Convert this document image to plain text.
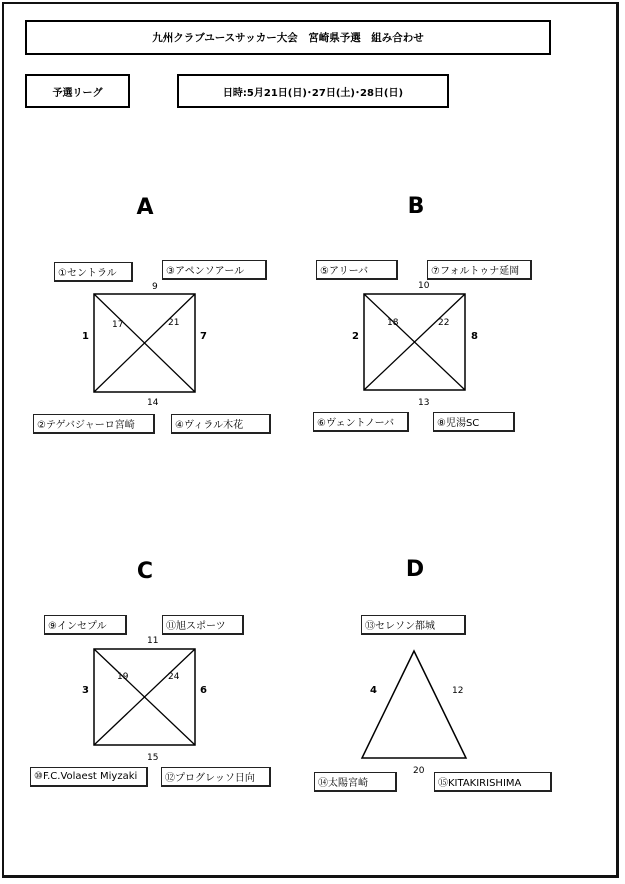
九州クラブユースサッカー大会　宮崎県予選　組み合わせ
予選リーグ	日時:5月21日(日)･27日(土)･28日(日)
A
①セントラル	③アペンソアール
②テゲバジャーロ宮崎	④ヴィラル木花
9
14
1	7
17	21
B
⑤アリーバ	⑦フォルトゥナ延岡
⑥ヴェントノーバ	⑧児湯SC
10
13
2	8
18	22
C
⑨インセプル	⑪旭スポーツ
⑩F.C.Volaest Miyzaki	⑫プログレッソ日向
11
15
3	6
19	24
D
⑬セレソン都城
⑭太陽宮崎	⑮KITAKIRISHIMA
4	12
20
